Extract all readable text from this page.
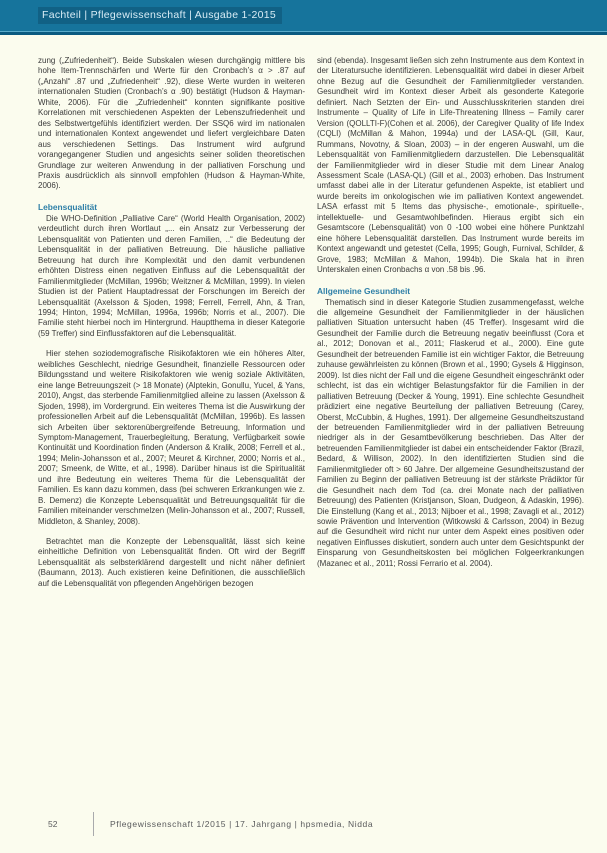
Fachteil | Pflegewissenschaft | Ausgabe 1-2015

zung („Zufriedenheit“). Beide Subskalen wiesen durchgängig mittlere bis hohe Item-Trennschärfen und Werte für den Cronbach’s α > .87 auf („Anzahl“ .87 und „Zufriedenheit“ .92), diese Werte wurden in weiteren internationalen Studien (Cronbach’s α .90) bestätigt (Hudson & Hayman-White, 2006). Für die „Zufriedenheit“ konnten signifikante positive Korrelationen mit verschiedenen Aspekten der Lebenszufriedenheit und des Selbstwertgefühls identifiziert werden. Der SSQ6 wird im nationalen und internationalen Kontext angewendet und liefert vergleichbare Daten aus verschiedenen Settings. Das Instrument wird aufgrund vorangegangener Studien und angesichts seiner soliden theoretischen Grundlage zur weiteren Anwendung in der palliativen Forschung und Praxis ausdrücklich als sinnvoll empfohlen (Hudson & Hayman-White, 2006).

Lebensqualität

Die WHO-Definition „Palliative Care“ (World Health Organisation, 2002) verdeutlicht durch ihren Wortlaut „... ein Ansatz zur Verbesserung der Lebensqualität von Patienten und deren Familien, ..“ die Bedeutung der Lebensqualität in der palliativen Betreuung. Die häusliche palliative Betreuung hat durch ihre Komplexität und den damit verbundenen erhöhten Distress einen negativen Einfluss auf die Lebensqualität der Familienmitglieder (McMillan, 1996b; Weitzner & McMillan, 1999). In vielen Studien ist der Patient Hauptadressat der Forschungen im Bereich der Lebensqualität (Axelsson & Sjoden, 1998; Ferrell, Ferrell, Ahn, & Tran, 1994; Hinton, 1994; McMillan, 1996a, 1996b; Norris et al., 2007). Die Familie steht hierbei noch im Hintergrund. Hauptthema in dieser Kategorie (59 Treffer) sind Einflussfaktoren auf die Lebensqualität.

Hier stehen soziodemografische Risikofaktoren wie ein höheres Alter, weibliches Geschlecht, niedrige Gesundheit, finanzielle Ressourcen oder Bildungsstand und weitere Risikofaktoren wie wenig soziale Aktivitäten, eine lange Betreuungszeit (> 18 Monate) (Alptekin, Gonullu, Yucel, & Yans, 2010), Angst, das sterbende Familienmitglied alleine zu lassen (Axelsson & Sjoden, 1998), im Vordergrund. Ein weiteres Thema ist die Auswirkung der professionellen Arbeit auf die Lebensqualität (McMillan, 1996b). Es lassen sich Arbeiten über sektorenübergreifende Betreuung, Information und Symptom-Management, Trauerbegleitung, Beratung, Verfügbarkeit sowie Kontinuität und Koordination finden (Anderson & Kralik, 2008; Ferrell et al., 1994; Melin-Johansson et al., 2007; Meuret & Kirchner, 2000; Norris et al., 2007; Smeenk, de Witte, et al., 1998). Darüber hinaus ist die Spiritualität und ihre Bedeutung ein weiteres Thema für die Lebensqualität der Familien. Es kann dazu kommen, dass (bei schweren Erkrankungen wie z. B. Demenz) die Konzepte Lebensqualität und Betreuungsqualität für die Familien miteinander verschmelzen (Melin-Johansson et al., 2007; Russell, Middleton, & Shanley, 2008).

Betrachtet man die Konzepte der Lebensqualität, lässt sich keine einheitliche Definition von Lebensqualität finden. Oft wird der Begriff Lebensqualität als selbsterklärend dargestellt und nicht näher definiert (Baumann, 2013). Auch existieren keine Definitionen, die ausschließlich auf die Lebensqualität von pflegenden Angehörigen bezogen

sind (ebenda). Insgesamt ließen sich zehn Instrumente aus dem Kontext in der Literatursuche identifizieren. Lebensqualität wird dabei in dieser Arbeit ohne Bezug auf die Gesundheit der Familienmitglieder verstanden. Gesundheit wird im Kontext dieser Arbeit als gesonderte Kategorie definiert. Nach Setzten der Ein- und Ausschlusskriterien standen drei Instrumente – Quality of Life in Life-Threatening Illness – Family carer Version (QOLLTI-F)(Cohen et al. 2006), der Caregiver Quality of life Index (CQLI) (McMillan & Mahon, 1994a) und der LASA-QL (Gill, Kaur, Rummans, Novotny, & Sloan, 2003) – in der engeren Auswahl, um die Lebensqualität von Familienmitgliedern darzustellen. Die Lebensqualität der Familienmitglieder wird in dieser Studie mit dem Linear Analog Assessment Scale (LASA-QL) (Gill et al., 2003) erhoben. Das Instrument umfasst dabei alle in der Literatur gefundenen Aspekte, ist etabliert und wurde bereits im onkologischen wie im palliativen Kontext angewendet. LASA erfasst mit 5 Items das physische-, emotionale-, spirituelle-, intellektuelle- und Gesamtwohlbefinden. Hieraus ergibt sich ein Gesamtscore (Lebensqualität) von 0 -100 wobei eine höhere Punktzahl eine höhere Lebensqualität darstellen. Das Instrument wurde bereits im Kontext angewandt und getestet (Cella, 1995; Gough, Furnival, Schilder, & Grove, 1983; McMillan & Mahon, 1994b). Die Skala hat in ihren Unterskalen einen Cronbachs α von .58 bis .96.

Allgemeine Gesundheit

Thematisch sind in dieser Kategorie Studien zusammengefasst, welche die allgemeine Gesundheit der Familienmitglieder in der häuslichen palliativen Situation untersucht haben (45 Treffer). Insgesamt wird die Gesundheit der Familie durch die Betreuung negativ beeinflusst (Cora et al., 2012; Donovan et al., 2011; Flaskerud et al., 2000). Eine gute Gesundheit der betreuenden Familie ist ein wichtiger Faktor, die Betreuung zuhause gewährleisten zu können (Brown et al., 1990; Gysels & Higginson, 2009). Ist dies nicht der Fall und die eigene Gesundheit eingeschränkt oder schlecht, ist das ein wichtiger Belastungsfaktor für die Familien in der palliativen Betreuung (Decker & Young, 1991). Eine schlechte Gesundheit prädiziert eine negative Beurteilung der palliativen Betreuung (Carey, Oberst, McCubbin, & Hughes, 1991). Der allgemeine Gesundheitszustand der betreuenden Familienmitglieder wird in der palliativen Betreuung niedriger als in der Gesamtbevölkerung beschrieben. Das Alter der betreuenden Familienmitglieder ist dabei ein entscheidender Faktor (Brazil, Bedard, & Willison, 2002). In den identifizierten Studien sind die Familienmitglieder oft > 60 Jahre. Der allgemeine Gesundheitszustand der Familien zu Beginn der palliativen Betreuung ist der stärkste Prädiktor für die Gesundheit nach dem Tod (ca. drei Monate nach der palliativen Betreuung) des Patienten (Kristjanson, Sloan, Dudgeon, & Adaskin, 1996). Die Einstellung (Kang et al., 2013; Nijboer et al., 1998; Zavagli et al., 2012) sowie Prävention und Intervention (Witkowski & Carlsson, 2004) in Bezug auf die Gesundheit wird nicht nur unter dem Aspekt eines positiven oder negativen Einflusses diskutiert, sondern auch unter dem Gesichtspunkt der Einsparung von Gesundheitskosten bei möglichen Folgeerkrankungen (Mazanec et al., 2011; Rossi Ferrario et al. 2004).

52	Pflegewissenschaft 1/2015 | 17. Jahrgang | hpsmedia, Nidda
